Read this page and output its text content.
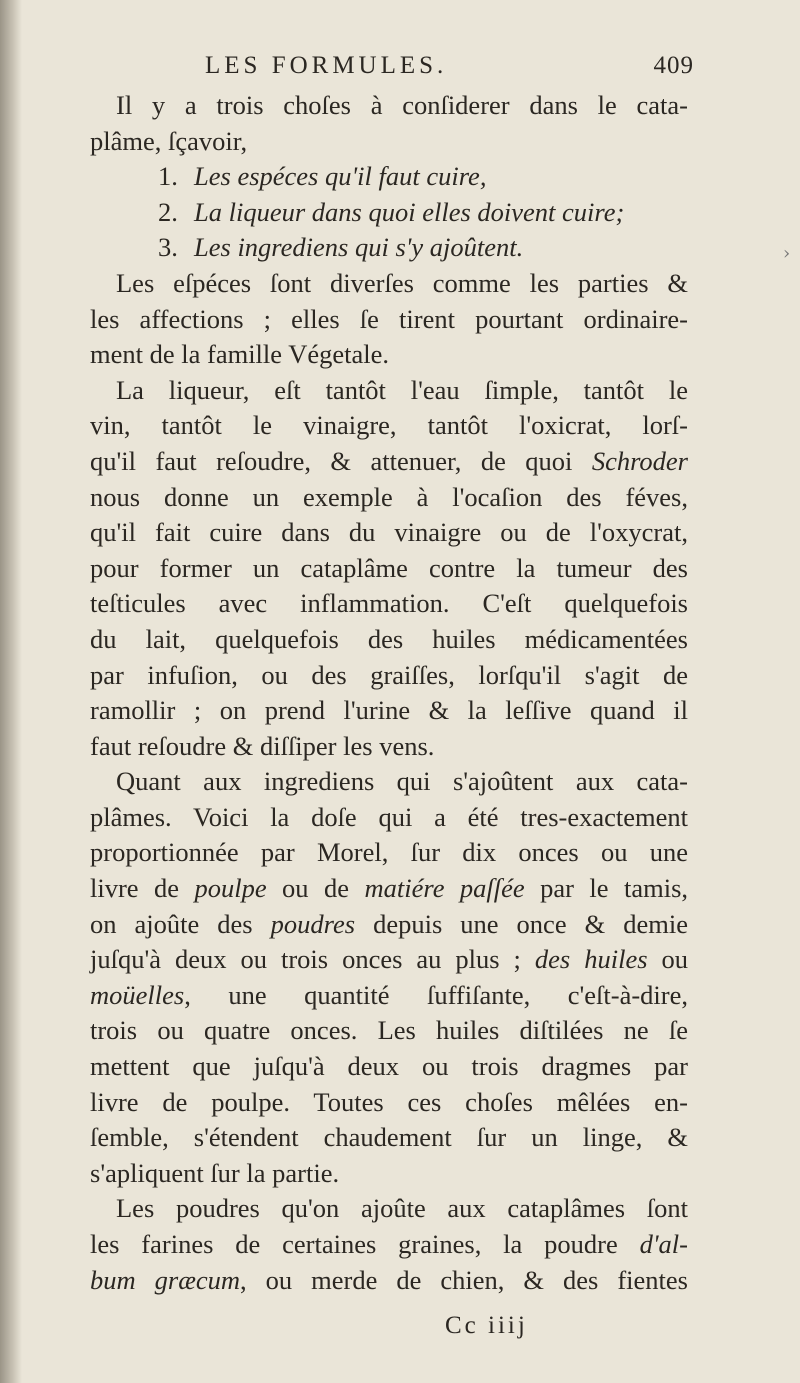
›
LES FORMULES.	409
Il y a trois choſes à conſiderer dans le cata-
plâme, ſçavoir,
1. Les espéces qu'il faut cuire,
2. La liqueur dans quoi elles doivent cuire;
3. Les ingrediens qui s'y ajoûtent.
Les eſpéces ſont diverſes comme les parties &
les affections ; elles ſe tirent pourtant ordinaire-
ment de la famille Végetale.
La liqueur, eſt tantôt l'eau ſimple, tantôt le
vin, tantôt le vinaigre, tantôt l'oxicrat, lorſ-
qu'il faut reſoudre, & attenuer, de quoi Schroder
nous donne un exemple à l'ocaſion des féves,
qu'il fait cuire dans du vinaigre ou de l'oxycrat,
pour former un cataplâme contre la tumeur des
teſticules avec inflammation. C'eſt quelquefois
du lait, quelquefois des huiles médicamentées
par infuſion, ou des graiſſes, lorſqu'il s'agit de
ramollir ; on prend l'urine & la leſſive quand il
faut reſoudre & diſſiper les vens.
Quant aux ingrediens qui s'ajoûtent aux cata-
plâmes. Voici la doſe qui a été tres-exactement
proportionnée par Morel, ſur dix onces ou une
livre de poulpe ou de matiére paſſée par le tamis,
on ajoûte des poudres depuis une once & demie
juſqu'à deux ou trois onces au plus ; des huiles ou
moüelles, une quantité ſuffiſante, c'eſt-à-dire,
trois ou quatre onces. Les huiles diſtilées ne ſe
mettent que juſqu'à deux ou trois dragmes par
livre de poulpe. Toutes ces choſes mêlées en-
ſemble, s'étendent chaudement ſur un linge, &
s'apliquent ſur la partie.
Les poudres qu'on ajoûte aux cataplâmes ſont
les farines de certaines graines, la poudre d'al-
bum græcum, ou merde de chien, & des fientes
Cc iiij
